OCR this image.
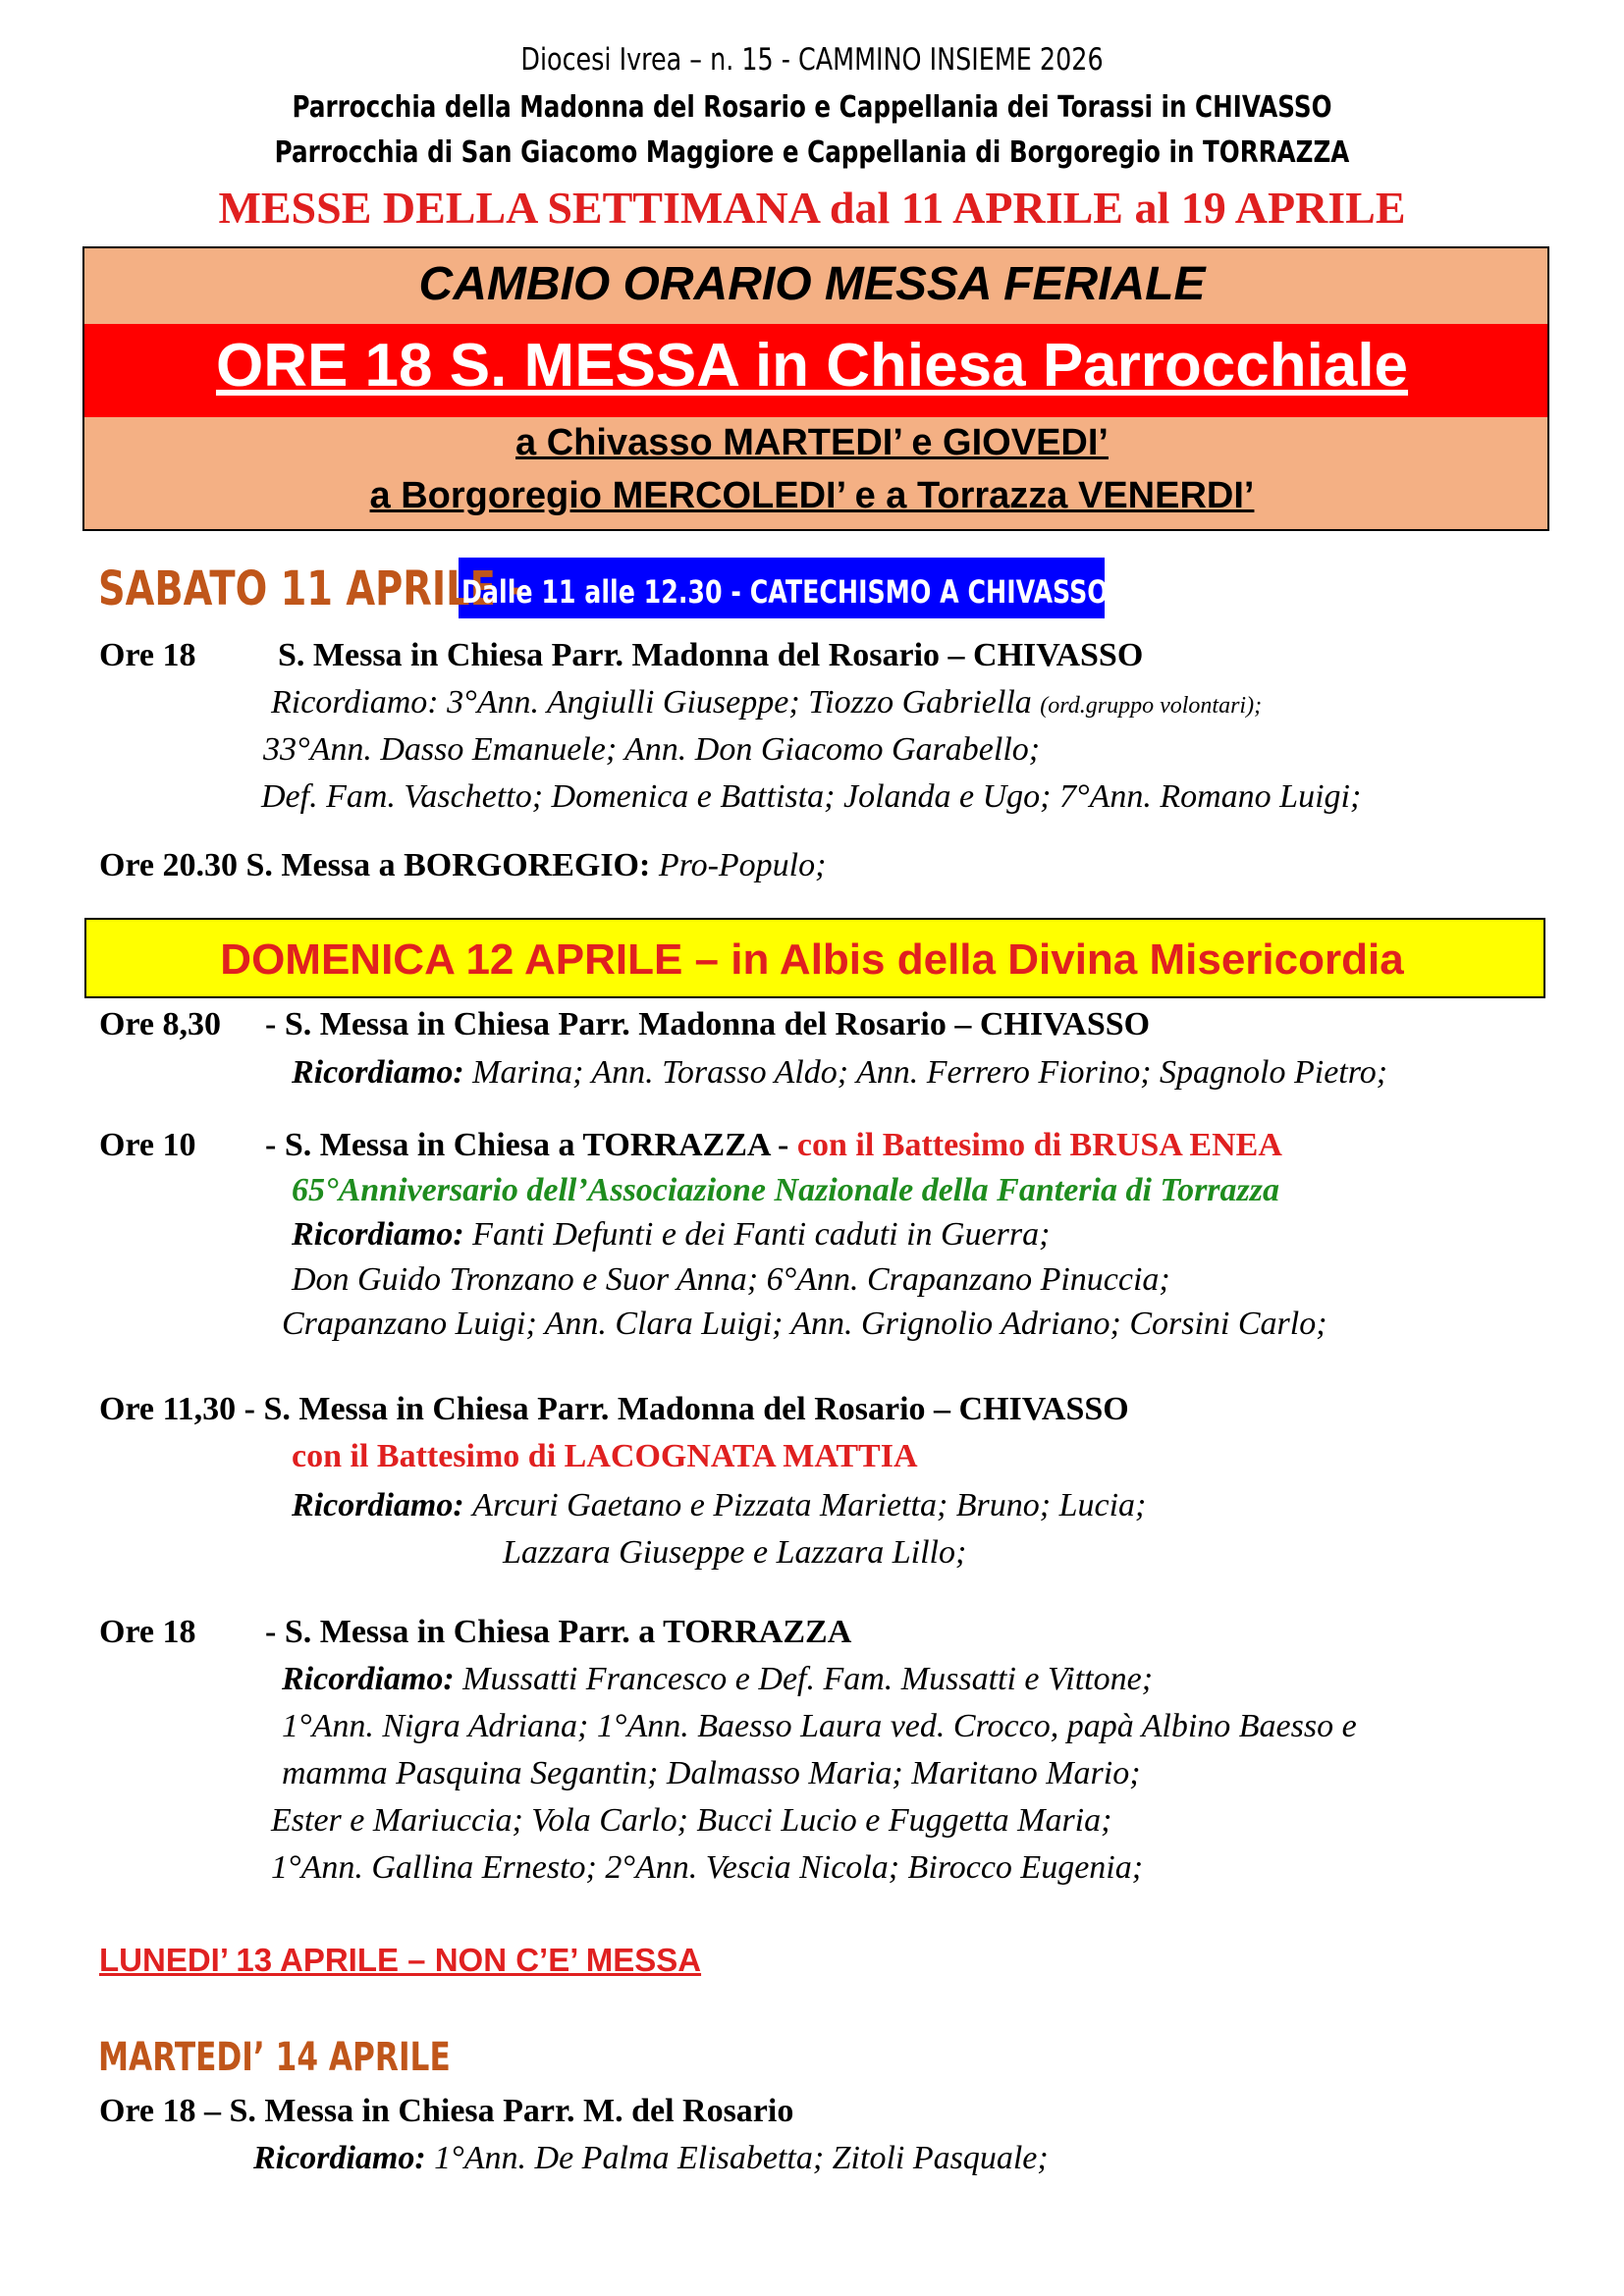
Diocesi Ivrea – n. 15 - CAMMINO INSIEME 2026
Parrocchia della Madonna del Rosario e Cappellania dei Torassi in CHIVASSO
Parrocchia di San Giacomo Maggiore e Cappellania di Borgoregio in TORRAZZA
MESSE DELLA SETTIMANA dal 11 APRILE al 19 APRILE
CAMBIO ORARIO MESSA FERIALE
ORE 18 S. MESSA in Chiesa Parrocchiale
a Chivasso MARTEDI’ e GIOVEDI’
a Borgoregio MERCOLEDI’ e a Torrazza VENERDI’
SABATO 11 APRILE -
Dalle 11 alle 12.30 - CATECHISMO A CHIVASSO
Ore 18 S. Messa in Chiesa Parr. Madonna del Rosario – CHIVASSO
Ricordiamo: 3°Ann. Angiulli Giuseppe; Tiozzo Gabriella (ord.gruppo volontari);
33°Ann. Dasso Emanuele; Ann. Don Giacomo Garabello;
Def. Fam. Vaschetto; Domenica e Battista; Jolanda e Ugo; 7°Ann. Romano Luigi;
Ore 20.30 S. Messa a BORGOREGIO: Pro-Populo;
DOMENICA 12 APRILE – in Albis della Divina Misericordia
Ore 8,30 - S. Messa in Chiesa Parr. Madonna del Rosario – CHIVASSO
Ricordiamo: Marina; Ann. Torasso Aldo; Ann. Ferrero Fiorino; Spagnolo Pietro;
Ore 10 - S. Messa in Chiesa a TORRAZZA - con il Battesimo di BRUSA ENEA
65°Anniversario dell’Associazione Nazionale della Fanteria di Torrazza
Ricordiamo: Fanti Defunti e dei Fanti caduti in Guerra;
Don Guido Tronzano e Suor Anna; 6°Ann. Crapanzano Pinuccia;
Crapanzano Luigi; Ann. Clara Luigi; Ann. Grignolio Adriano; Corsini Carlo;
Ore 11,30 - S. Messa in Chiesa Parr. Madonna del Rosario – CHIVASSO
con il Battesimo di LACOGNATA MATTIA
Ricordiamo: Arcuri Gaetano e Pizzata Marietta; Bruno; Lucia;
Lazzara Giuseppe e Lazzara Lillo;
Ore 18 - S. Messa in Chiesa Parr. a TORRAZZA
Ricordiamo: Mussatti Francesco e Def. Fam. Mussatti e Vittone;
1°Ann. Nigra Adriana; 1°Ann. Baesso Laura ved. Crocco, papà Albino Baesso e
mamma Pasquina Segantin; Dalmasso Maria; Maritano Mario;
Ester e Mariuccia; Vola Carlo; Bucci Lucio e Fuggetta Maria;
1°Ann. Gallina Ernesto; 2°Ann. Vescia Nicola; Birocco Eugenia;
LUNEDI’ 13 APRILE – NON C’E’ MESSA
MARTEDI’ 14 APRILE
Ore 18 – S. Messa in Chiesa Parr. M. del Rosario
Ricordiamo: 1°Ann. De Palma Elisabetta; Zitoli Pasquale;
